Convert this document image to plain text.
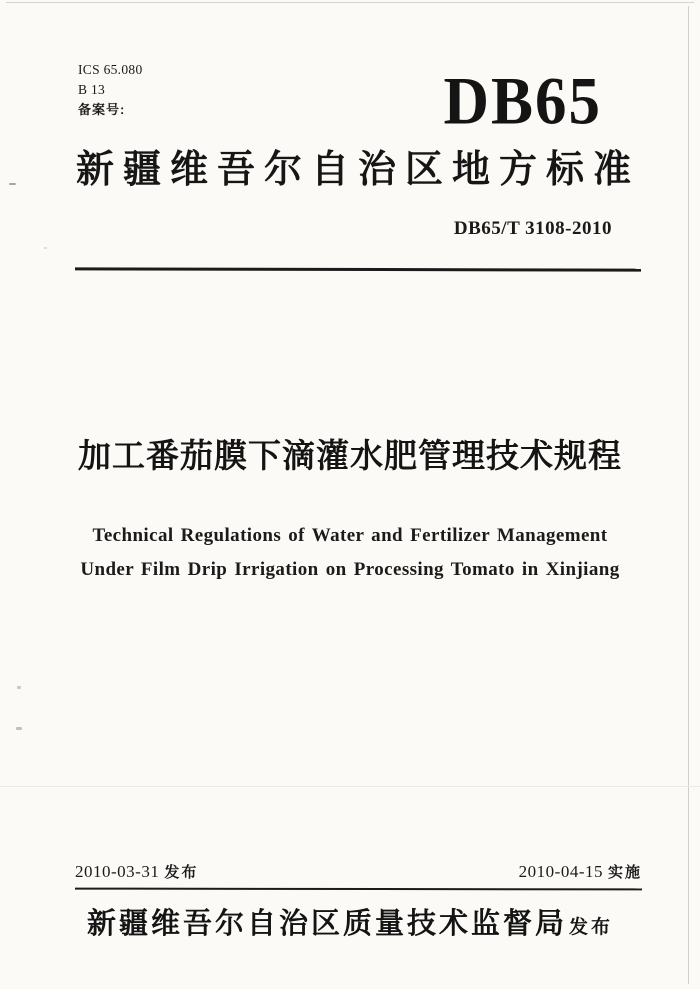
ICS 65.080
B 13
备案号:	DB65
新疆维吾尔自治区地方标准
DB65/T 3108-2010
加工番茄膜下滴灌水肥管理技术规程
Technical Regulations of Water and Fertilizer Management
Under Film Drip Irrigation on Processing Tomato in Xinjiang
2010-03-31 发布	2010-04-15 实施
新疆维吾尔自治区质量技术监督局 发布
